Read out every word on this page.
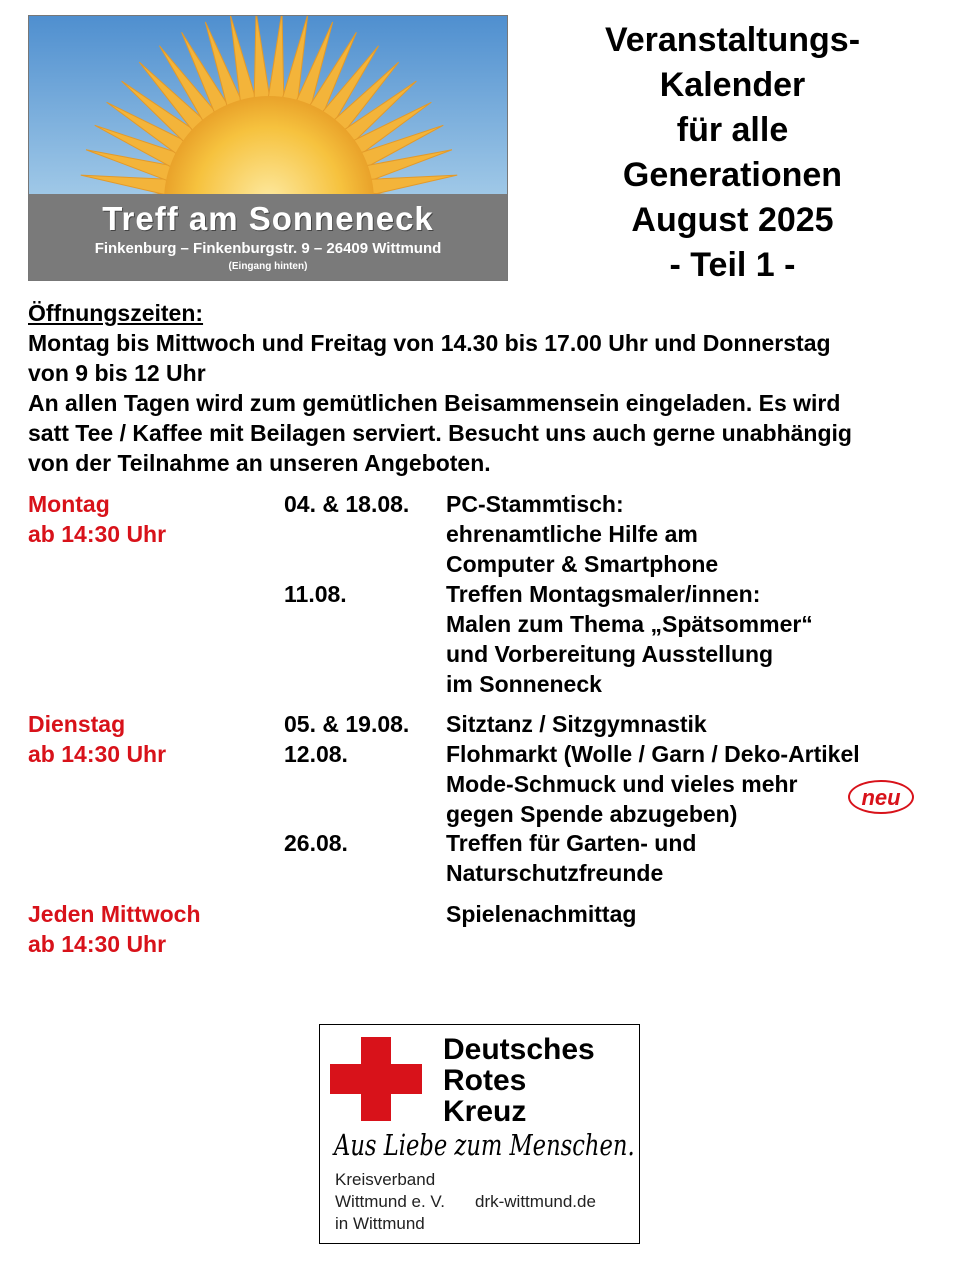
Treff am Sonneneck
Finkenburg – Finkenburgstr. 9 – 26409 Wittmund
(Eingang hinten)
Veranstaltungs-
Kalender
für alle
Generationen
August 2025
- Teil 1 -
Öffnungszeiten:
Montag bis Mittwoch und Freitag von 14.30 bis 17.00 Uhr und Donnerstag
von 9 bis 12 Uhr
An allen Tagen wird zum gemütlichen Beisammensein eingeladen. Es wird
satt Tee / Kaffee mit Beilagen serviert. Besucht uns auch gerne unabhängig
von der Teilnahme an unseren Angeboten.
Montag
ab 14:30 Uhr
04. & 18.08. PC-Stammtisch:
ehrenamtliche Hilfe am
Computer & Smartphone
11.08.	Treffen Montagsmaler/innen:
Malen zum Thema „Spätsommer“
und Vorbereitung Ausstellung
im Sonneneck
Dienstag
ab 14:30 Uhr
05. & 19.08. Sitztanz / Sitzgymnastik
12.08.	Flohmarkt (Wolle / Garn / Deko-Artikel
Mode-Schmuck und vieles mehr
gegen Spende abzugeben)
neu
26.08.	Treffen für Garten- und
Naturschutzfreunde
Jeden Mittwoch
ab 14:30 Uhr
Spielenachmittag
Deutsches
Rotes
Kreuz
Aus Liebe zum Menschen.
Kreisverband
Wittmund e. V.
in Wittmund
drk-wittmund.de
